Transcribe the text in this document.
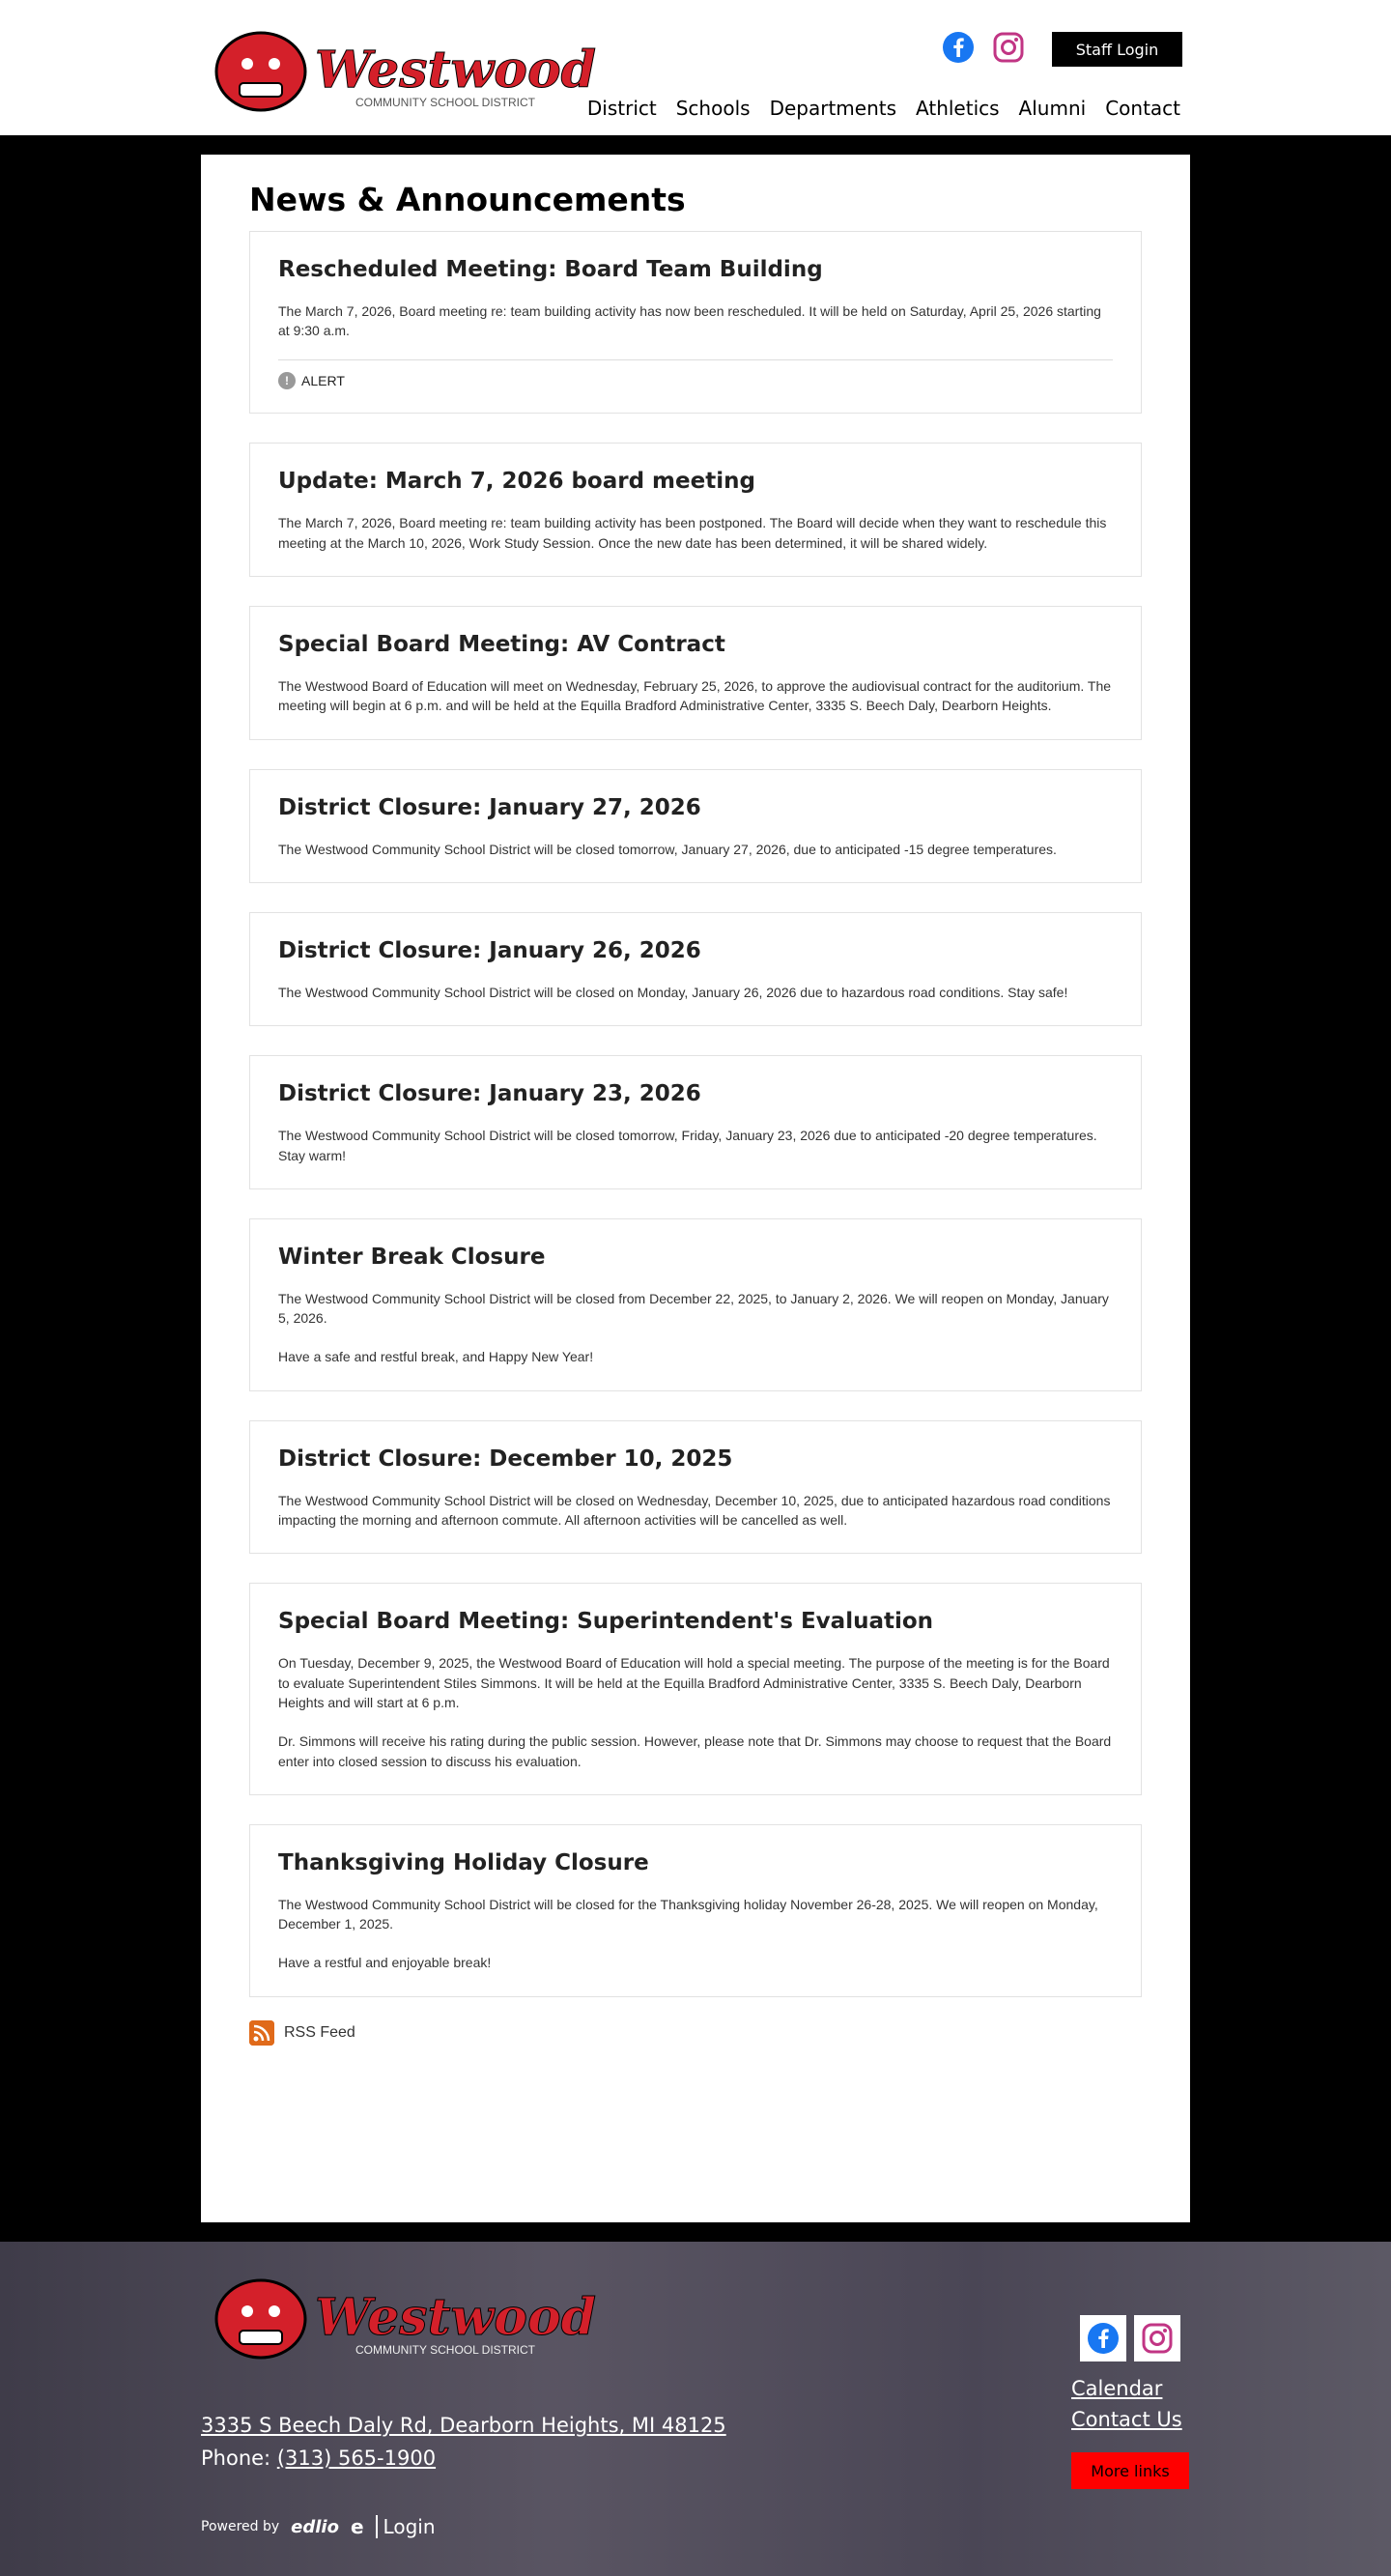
Westwood
COMMUNITY SCHOOL DISTRICT
Staff Login
District Schools Departments Athletics Alumni Contact
News & Announcements
Rescheduled Meeting: Board Team Building

The March 7, 2026, Board meeting re: team building activity has now been rescheduled. It will be held on Saturday, April 25, 2026 starting at 9:30 a.m.

! ALERT
Update: March 7, 2026 board meeting

The March 7, 2026, Board meeting re: team building activity has been postponed. The Board will decide when they want to reschedule this meeting at the March 10, 2026, Work Study Session. Once the new date has been determined, it will be shared widely.

Special Board Meeting: AV Contract

The Westwood Board of Education will meet on Wednesday, February 25, 2026, to approve the audiovisual contract for the auditorium. The meeting will begin at 6 p.m. and will be held at the Equilla Bradford Administrative Center, 3335 S. Beech Daly, Dearborn Heights.

District Closure: January 27, 2026

The Westwood Community School District will be closed tomorrow, January 27, 2026, due to anticipated -15 degree temperatures.

District Closure: January 26, 2026

The Westwood Community School District will be closed on Monday, January 26, 2026 due to hazardous road conditions. Stay safe!

District Closure: January 23, 2026

The Westwood Community School District will be closed tomorrow, Friday, January 23, 2026 due to anticipated -20 degree temperatures. Stay warm!

Winter Break Closure

The Westwood Community School District will be closed from December 22, 2025, to January 2, 2026. We will reopen on Monday, January 5, 2026.

Have a safe and restful break, and Happy New Year!

District Closure: December 10, 2025

The Westwood Community School District will be closed on Wednesday, December 10, 2025, due to anticipated hazardous road conditions impacting the morning and afternoon commute. All afternoon activities will be cancelled as well.

Special Board Meeting: Superintendent's Evaluation

On Tuesday, December 9, 2025, the Westwood Board of Education will hold a special meeting. The purpose of the meeting is for the Board to evaluate Superintendent Stiles Simmons. It will be held at the Equilla Bradford Administrative Center, 3335 S. Beech Daly, Dearborn Heights and will start at 6 p.m.

Dr. Simmons will receive his rating during the public session. However, please note that Dr. Simmons may choose to request that the Board enter into closed session to discuss his evaluation.

Thanksgiving Holiday Closure

The Westwood Community School District will be closed for the Thanksgiving holiday November 26-28, 2025. We will reopen on Monday, December 1, 2025.

Have a restful and enjoyable break!

RSS Feed
Westwood
COMMUNITY SCHOOL DISTRICT
3335 S Beech Daly Rd, Dearborn Heights, MI 48125
Phone: (313) 565-1900
Powered by edlio e	Login
Calendar
Contact Us
More links
